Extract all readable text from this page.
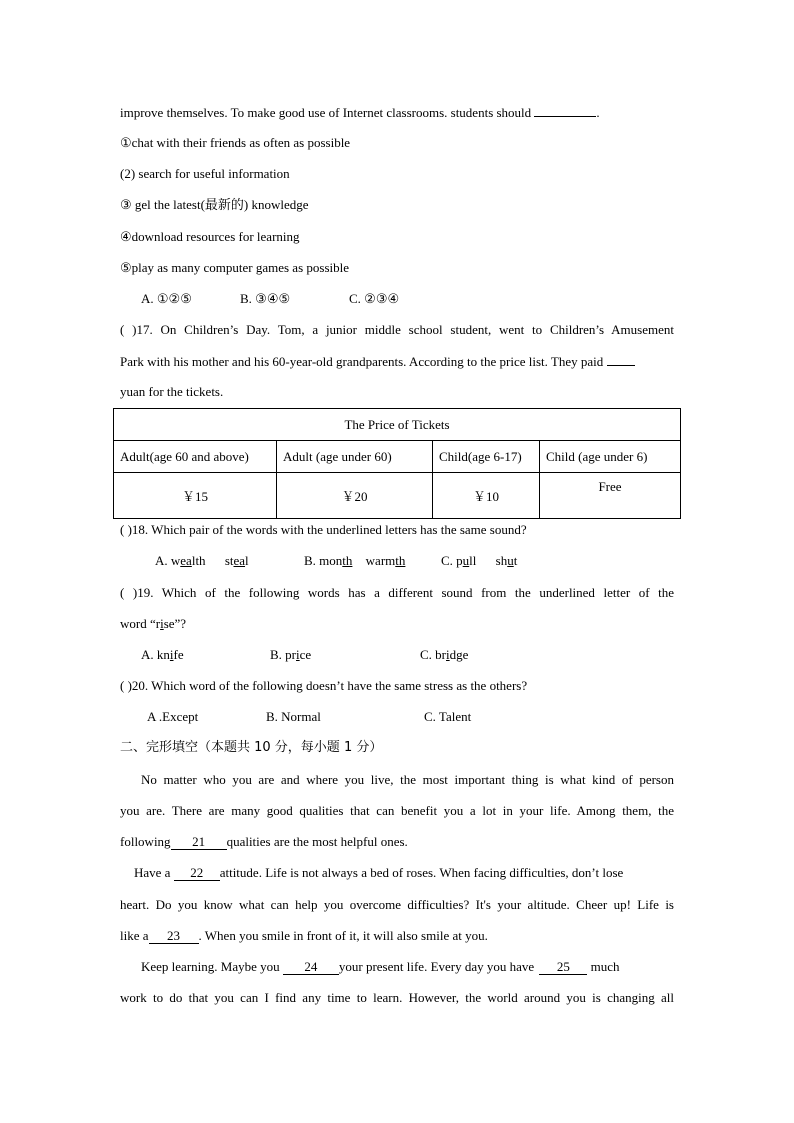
improve themselves. To make good use of Internet classrooms. students should	.
①chat with their friends as often as possible
(2) search for useful information
③ gel the latest(最新的) knowledge
④download resources for learning
⑤play as many computer games as possible
A. ①②⑤	B. ③④⑤	C. ②③④
( )17. On Children’s Day. Tom, a junior middle school student, went to Children’s Amusement
Park with his mother and his 60-year-old grandparents. According to the price list. They paid
yuan for the tickets.
The Price of Tickets			
Adult(age 60 and above)	Adult (age under 60)	Child(age 6-17)	Child (age under 6)
￥15	￥20	￥10	Free
( )18. Which pair of the words with the underlined letters has the same sound?
A. wealth steal	B. month warmth	C. pull shut
( )19. Which of the following words has a different sound from the underlined letter of the
word “rise”?
A. knife	B. price	C. bridge
( )20. Which word of the following doesn’t have the same stress as the others?
A .Except	B. Normal	C. Talent
二、完形填空（本题共 10 分，每小题 1 分）
No matter who you are and where you live, the most important thing is what kind of person
you are. There are many good qualities that can benefit you a lot in your life. Among them, the
following 21 qualities are the most helpful ones.
Have a 22 attitude. Life is not always a bed of roses. When facing difficulties, don’t lose
heart. Do you know what can help you overcome difficulties? It's your altitude. Cheer up! Life is
like a 23 . When you smile in front of it, it will also smile at you.
Keep learning. Maybe you 24 your present life. Every day you have 25 much
work to do that you can I find any time to learn. However, the world around you is changing all
